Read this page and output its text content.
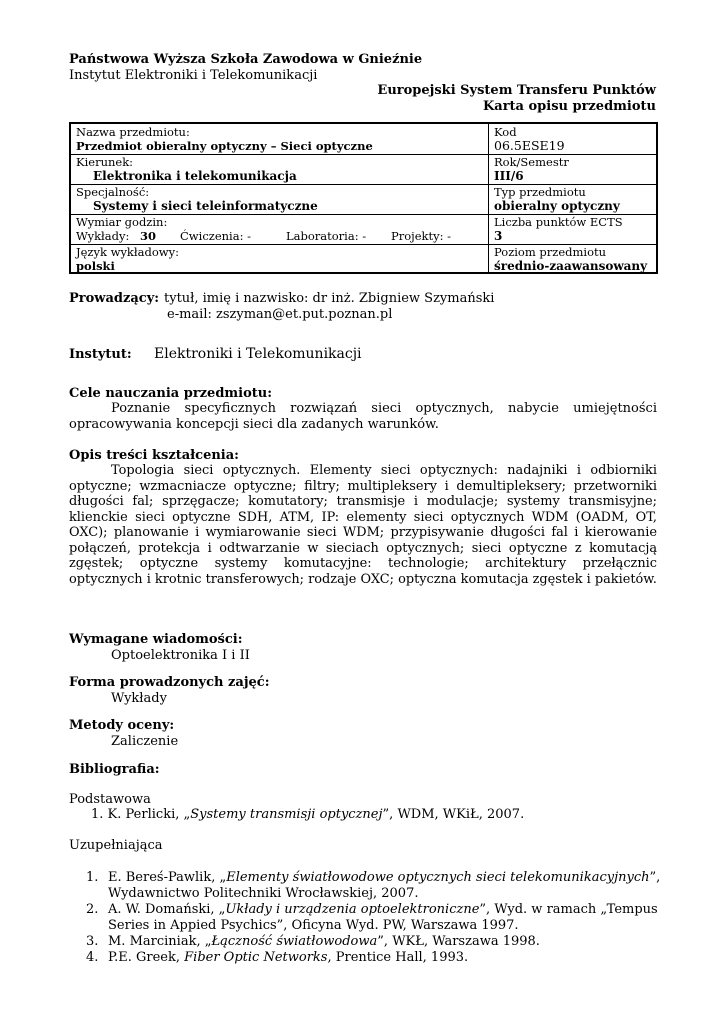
Państwowa Wyższa Szkoła Zawodowa w Gnieźnie
Instytut Elektroniki i Telekomunikacji
Europejski System Transferu Punktów
Karta opisu przedmiotu
Nazwa przedmiotu:
Przedmiot obieralny optyczny – Sieci optyczne
Kod
06.5ESE19
Kierunek:
Elektronika i telekomunikacja
Rok/Semestr
III/6
Specjalność:
Systemy i sieci teleinformatyczne
Typ przedmiotu
obieralny optyczny
Wymiar godzin:
Wykłady: 30 Ćwiczenia: -	Laboratoria: - Projekty: -
Liczba punktów ECTS
3
Język wykładowy:
polski
Poziom przedmiotu
średnio-zaawansowany
Prowadzący: tytuł, imię i nazwisko: dr inż. Zbigniew Szymański
e-mail: zszyman@et.put.poznan.pl
Instytut: Elektroniki i Telekomunikacji
Cele nauczania przedmiotu:
Poznanie specyficznych rozwiązań sieci optycznych, nabycie umiejętności opracowywania koncepcji sieci dla zadanych warunków.
Opis treści kształcenia:
Topologia sieci optycznych. Elementy sieci optycznych: nadajniki i odbiorniki optyczne; wzmacniacze optyczne; filtry; multipleksery i demultipleksery; przetworniki długości fal; sprzęgacze; komutatory; transmisje i modulacje; systemy transmisyjne; klienckie sieci optyczne SDH, ATM, IP: elementy sieci optycznych WDM (OADM, OT, OXC); planowanie i wymiarowanie sieci WDM; przypisywanie długości fal i kierowanie połączeń, protekcja i odtwarzanie w sieciach optycznych; sieci optyczne z komutacją zgęstek; optyczne systemy komutacyjne: technologie; architektury przełącznic optycznych i krotnic transferowych; rodzaje OXC; optyczna komutacja zgęstek i pakietów.
Wymagane wiadomości:
Optoelektronika I i II
Forma prowadzonych zajęć:
Wykłady
Metody oceny:
Zaliczenie
Bibliografia:
Podstawowa
1. K. Perlicki, „Systemy transmisji optycznej”, WDM, WKiŁ, 2007.
Uzupełniająca
1. E. Bereś-Pawlik, „Elementy światłowodowe optycznych sieci telekomunikacyjnych”,
Wydawnictwo Politechniki Wrocławskiej, 2007.
2. A. W. Domański, „Układy i urządzenia optoelektroniczne”, Wyd. w ramach „Tempus
Series in Appied Psychics”, Oficyna Wyd. PW, Warszawa 1997.
3. M. Marciniak, „Łączność światłowodowa”, WKŁ, Warszawa 1998.
4. P.E. Greek, Fiber Optic Networks, Prentice Hall, 1993.
